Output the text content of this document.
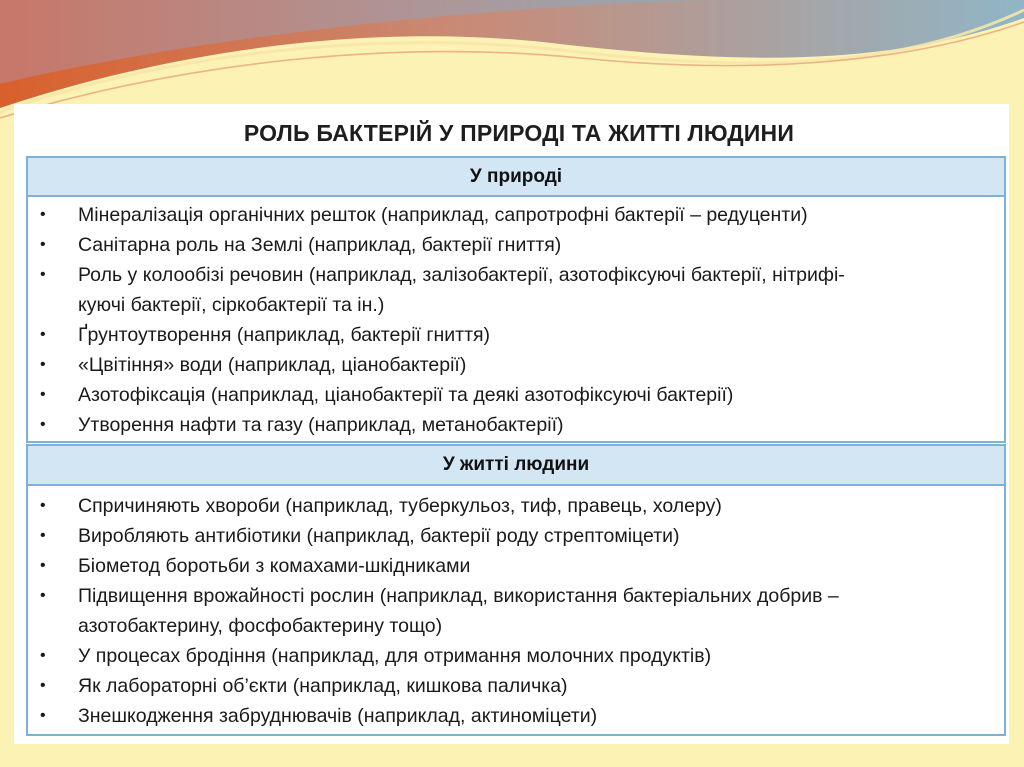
РОЛЬ БАКТЕРІЙ У ПРИРОДІ ТА ЖИТТІ ЛЮДИНИ
У природі
• Мінералізація органічних решток (наприклад, сапротрофні бактерії – редуценти)
• Санітарна роль на Землі (наприклад, бактерії гниття)
• Роль у колообізі речовин (наприклад, залізобактерії, азотофіксуючі бактерії, нітрифі-
куючі бактерії, сіркобактерії та ін.)
• Ґрунтоутворення (наприклад, бактерії гниття)
• «Цвітіння» води (наприклад, ціанобактерії)
• Азотофіксація (наприклад, ціанобактерії та деякі азотофіксуючі бактерії)
• Утворення нафти та газу (наприклад, метанобактерії)
У житті людини
• Спричиняють хвороби (наприклад, туберкульоз, тиф, правець, холеру)
• Виробляють антибіотики (наприклад, бактерії роду стрептоміцети)
• Біометод боротьби з комахами-шкідниками
• Підвищення врожайності рослин (наприклад, використання бактеріальних добрив –
азотобактерину, фосфобактерину тощо)
• У процесах бродіння (наприклад, для отримання молочних продуктів)
• Як лабораторні об’єкти (наприклад, кишкова паличка)
• Знешкодження забруднювачів (наприклад, актиноміцети)
